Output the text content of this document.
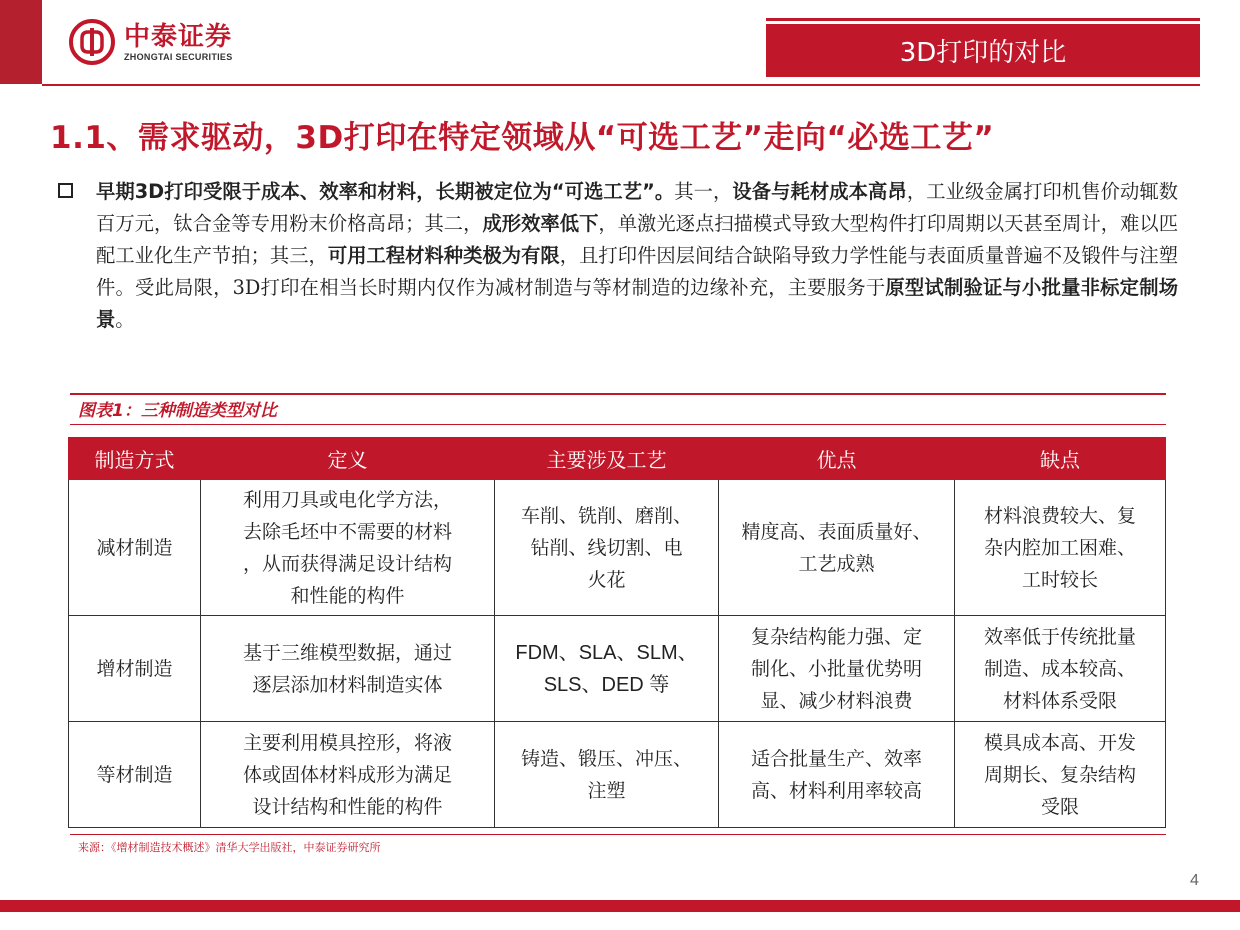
中泰证券
ZHONGTAI SECURITIES	3D打印的对比
1.1、需求驱动，3D打印在特定领域从“可选工艺”走向“必选工艺”
早期3D打印受限于成本、效率和材料，长期被定位为“可选工艺”。其一，设备与耗材成本高昂，工业级金属打印机售价动辄数百万元，钛合金等专用粉末价格高昂；其二，成形效率低下，单激光逐点扫描模式导致大型构件打印周期以天甚至周计，难以匹配工业化生产节拍；其三，可用工程材料种类极为有限，且打印件因层间结合缺陷导致力学性能与表面质量普遍不及锻件与注塑件。受此局限，3D打印在相当长时期内仅作为减材制造与等材制造的边缘补充，主要服务于原型试制验证与小批量非标定制场景。
图表1：三种制造类型对比
制造方式	定义	主要涉及工艺	优点	缺点
减材制造	利用刀具或电化学方法，
去除毛坯中不需要的材料
，从而获得满足设计结构
和性能的构件	车削、铣削、磨削、
钻削、线切割、电
火花	精度高、表面质量好、
工艺成熟	材料浪费较大、复
杂内腔加工困难、
工时较长

增材制造	基于三维模型数据，通过
逐层添加材料制造实体	FDM、SLA、SLM、
SLS、DED 等	复杂结构能力强、定
制化、小批量优势明
显、减少材料浪费	效率低于传统批量
制造、成本较高、
材料体系受限

等材制造	主要利用模具控形，将液
体或固体材料成形为满足
设计结构和性能的构件	铸造、锻压、冲压、
注塑	适合批量生产、效率
高、材料利用率较高	模具成本高、开发
周期长、复杂结构
受限
来源：《增材制造技术概述》清华大学出版社，中泰证券研究所
4
